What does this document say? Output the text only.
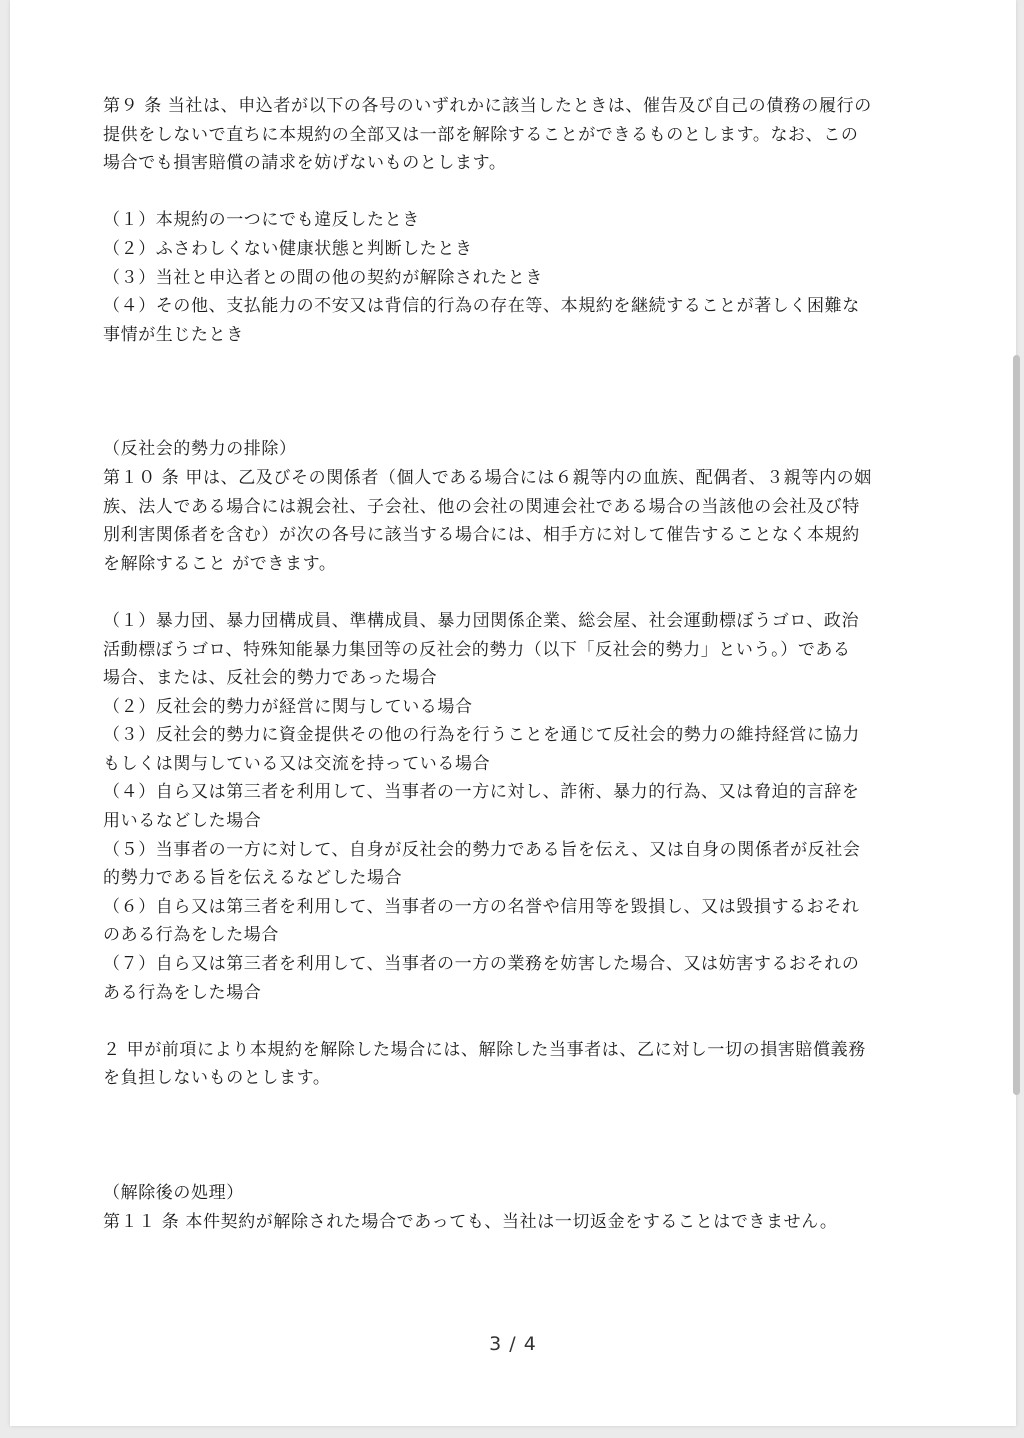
第９ 条 当社は、申込者が以下の各号のいずれかに該当したときは、催告及び自己の債務の履行の
提供をしないで直ちに本規約の全部又は一部を解除することができるものとします。なお、この
場合でも損害賠償の請求を妨げないものとします。
（１）本規約の一つにでも違反したとき
（２）ふさわしくない健康状態と判断したとき
（３）当社と申込者との間の他の契約が解除されたとき
（４）その他、支払能力の不安又は背信的行為の存在等、本規約を継続することが著しく困難な
事情が生じたとき
（反社会的勢力の排除）
第１０ 条 甲は、乙及びその関係者（個人である場合には６親等内の血族、配偶者、３親等内の姻
族、法人である場合には親会社、子会社、他の会社の関連会社である場合の当該他の会社及び特
別利害関係者を含む）が次の各号に該当する場合には、相手方に対して催告することなく本規約
を解除すること ができます。
（１）暴力団、暴力団構成員、準構成員、暴力団関係企業、総会屋、社会運動標ぼうゴロ、政治
活動標ぼうゴロ、特殊知能暴力集団等の反社会的勢力（以下「反社会的勢力」という。）である
場合、または、反社会的勢力であった場合
（２）反社会的勢力が経営に関与している場合
（３）反社会的勢力に資金提供その他の行為を行うことを通じて反社会的勢力の維持経営に協力
もしくは関与している又は交流を持っている場合
（４）自ら又は第三者を利用して、当事者の一方に対し、詐術、暴力的行為、又は脅迫的言辞を
用いるなどした場合
（５）当事者の一方に対して、自身が反社会的勢力である旨を伝え、又は自身の関係者が反社会
的勢力である旨を伝えるなどした場合
（６）自ら又は第三者を利用して、当事者の一方の名誉や信用等を毀損し、又は毀損するおそれ
のある行為をした場合
（７）自ら又は第三者を利用して、当事者の一方の業務を妨害した場合、又は妨害するおそれの
ある行為をした場合
２ 甲が前項により本規約を解除した場合には、解除した当事者は、乙に対し一切の損害賠償義務
を負担しないものとします。
（解除後の処理）
第１１ 条 本件契約が解除された場合であっても、当社は一切返金をすることはできません。
3 / 4
